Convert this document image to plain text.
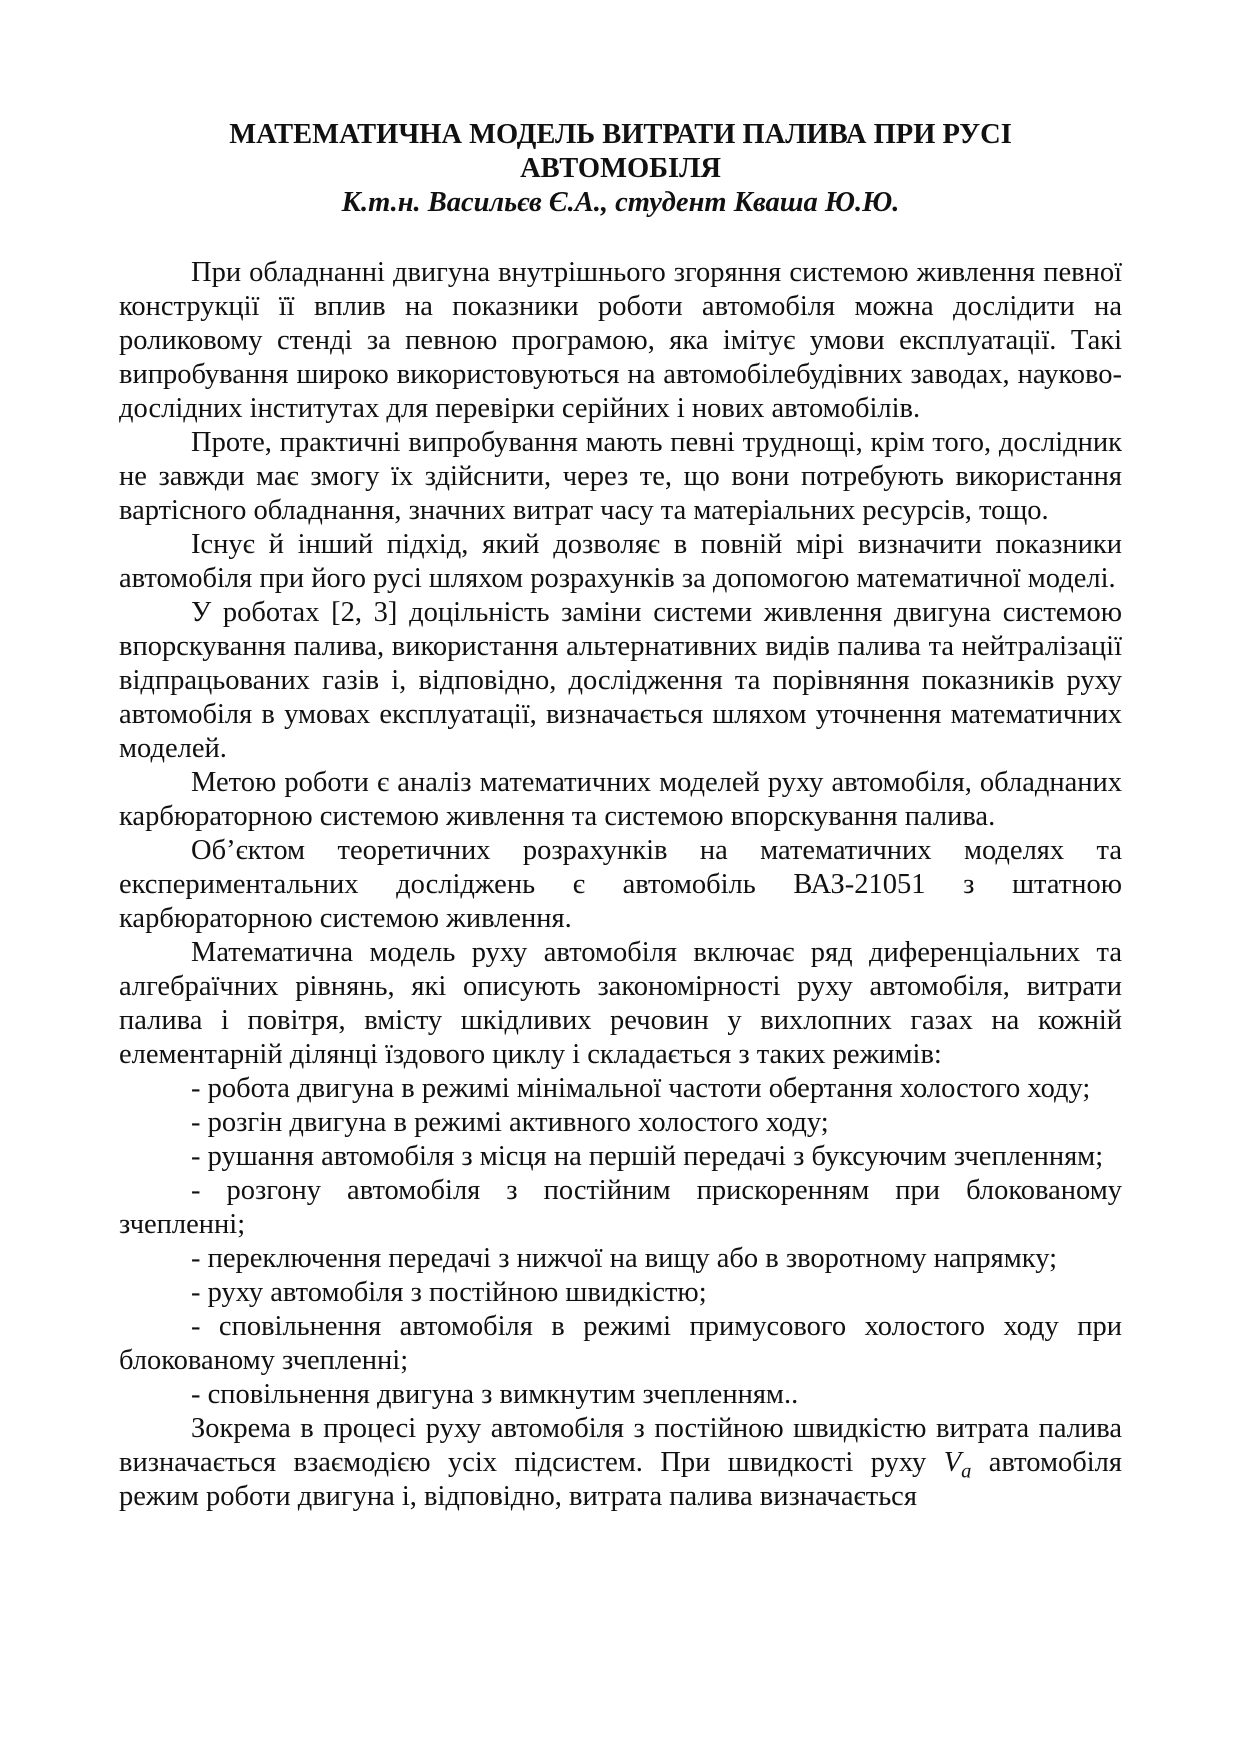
МАТЕМАТИЧНА МОДЕЛЬ ВИТРАТИ ПАЛИВА ПРИ РУСІ

АВТОМОБІЛЯ

К.т.н. Васильєв Є.А., студент Кваша Ю.Ю.

При обладнанні двигуна внутрішнього згоряння системою живлення певної конструкції її вплив на показники роботи автомобіля можна дослідити на роликовому стенді за певною програмою, яка імітує умови експлуатації. Такі випробування широко використовуються на автомобілебудівних заводах, науково-дослідних інститутах для перевірки серійних і нових автомобілів.

Проте, практичні випробування мають певні труднощі, крім того, дослідник не завжди має змогу їх здійснити, через те, що вони потребують використання вартісного обладнання, значних витрат часу та матеріальних ресурсів, тощо.

Існує й інший підхід, який дозволяє в повній мірі визначити показники автомобіля при його русі шляхом розрахунків за допомогою математичної моделі.

У роботах [2, 3] доцільність заміни системи живлення двигуна системою впорскування палива, використання альтернативних видів палива та нейтралізації відпрацьованих газів і, відповідно, дослідження та порівняння показників руху автомобіля в умовах експлуатації, визначається шляхом уточнення математичних моделей.

Метою роботи є аналіз математичних моделей руху автомобіля, обладнаних карбюраторною системою живлення та системою впорскування палива.

Об’єктом теоретичних розрахунків на математичних моделях та експериментальних досліджень є автомобіль ВАЗ-21051 з штатною карбюраторною системою живлення.

Математична модель руху автомобіля включає ряд диференціальних та алгебраїчних рівнянь, які описують закономірності руху автомобіля, витрати палива і повітря, вмісту шкідливих речовин у вихлопних газах на кожній елементарній ділянці їздового циклу і складається з таких режимів:

- робота двигуна в режимі мінімальної частоти обертання холостого ходу;

- розгін двигуна в режимі активного холостого ходу;

- рушання автомобіля з місця на першій передачі з буксуючим зчепленням;

- розгону автомобіля з постійним прискоренням при блокованому зчепленні;

- переключення передачі з нижчої на вищу або в зворотному напрямку;

- руху автомобіля з постійною швидкістю;

- сповільнення автомобіля в режимі примусового холостого ходу при блокованому зчепленні;

- сповільнення двигуна з вимкнутим зчепленням..

Зокрема в процесі руху автомобіля з постійною швидкістю витрата палива визначається взаємодією усіх підсистем. При швидкості руху $V_a$ автомобіля режим роботи двигуна і, відповідно, витрата палива визначається
